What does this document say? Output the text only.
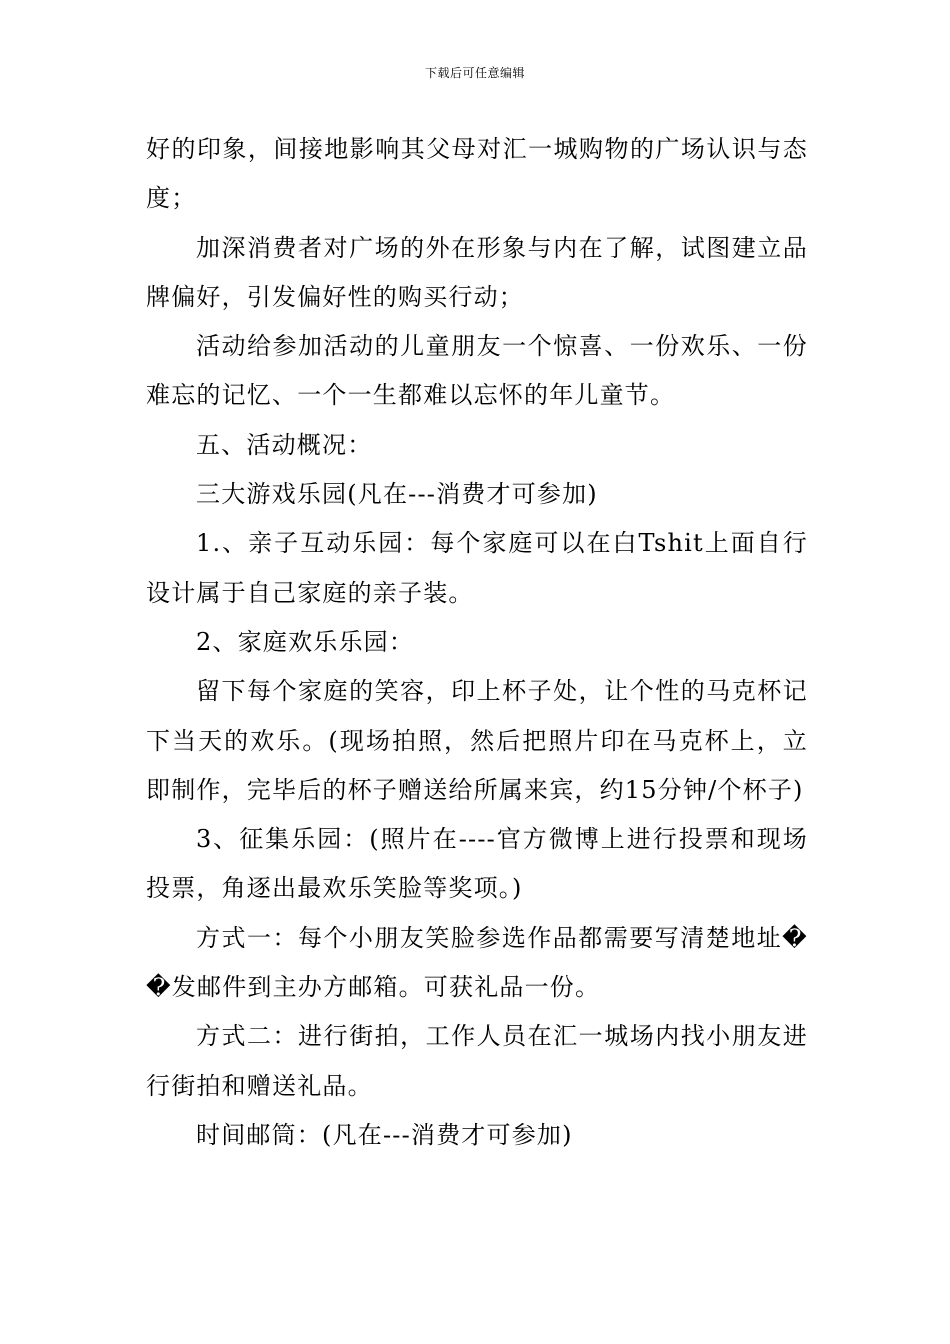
下载后可任意编辑

好的印象，间接地影响其父母对汇一城购物的广场认识与态度；

加深消费者对广场的外在形象与内在了解，试图建立品牌偏好，引发偏好性的购买行动；

活动给参加活动的儿童朋友一个惊喜、一份欢乐、一份难忘的记忆、一个一生都难以忘怀的年儿童节。

五、活动概况：

三大游戏乐园(凡在---消费才可参加)

1.、亲子互动乐园：每个家庭可以在白Tshit上面自行设计属于自己家庭的亲子装。

2、家庭欢乐乐园：

留下每个家庭的笑容，印上杯子处，让个性的马克杯记下当天的欢乐。(现场拍照，然后把照片印在马克杯上，立即制作，完毕后的杯子赠送给所属来宾，约15分钟/个杯子)

3、征集乐园：(照片在----官方微博上进行投票和现场投票，角逐出最欢乐笑脸等奖项。)

方式一：每个小朋友笑脸参选作品都需要写清楚地址��发邮件到主办方邮箱。可获礼品一份。

方式二：进行街拍，工作人员在汇一城场内找小朋友进行街拍和赠送礼品。

时间邮筒：(凡在---消费才可参加)
